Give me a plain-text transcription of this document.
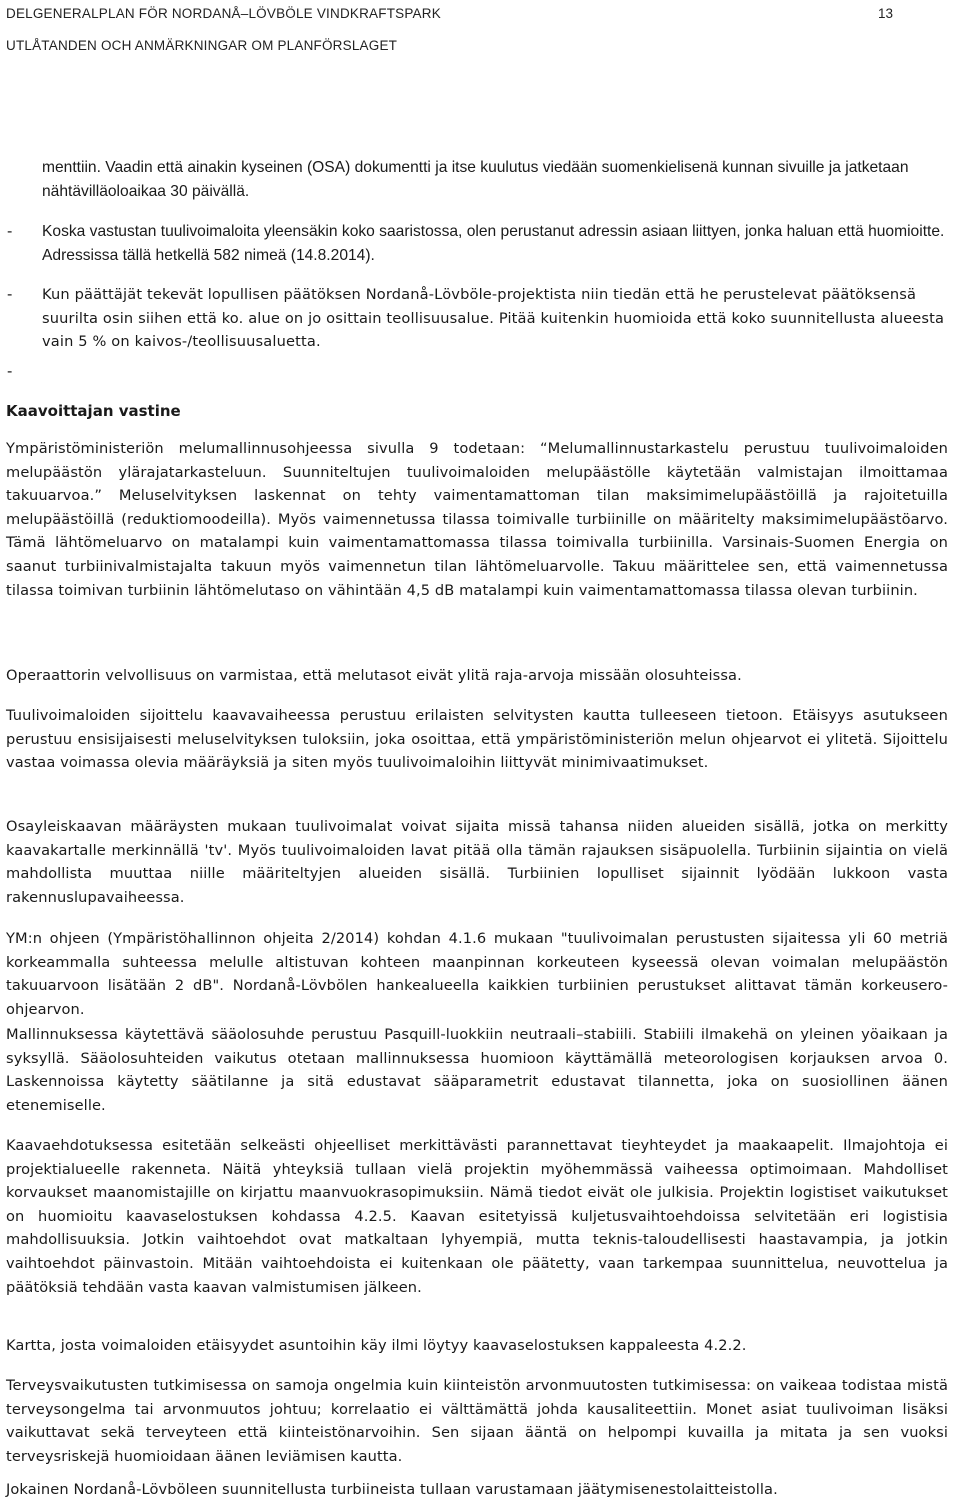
DELGENERALPLAN FÖR NORDANÅ–LÖVBÖLE VINDKRAFTSPARK	13
UTLÅTANDEN OCH ANMÄRKNINGAR OM PLANFÖRSLAGET
menttiin. Vaadin että ainakin kyseinen (OSA) dokumentti ja itse kuulutus viedään suomenkielisenä kunnan sivuille ja jatketaan nähtävilläoloaikaa 30 päivällä.
- Koska vastustan tuulivoimaloita yleensäkin koko saaristossa, olen perustanut adressin asiaan liittyen, jonka haluan että huomioitte. Adressissa tällä hetkellä 582 nimeä (14.8.2014).
- Kun päättäjät tekevät lopullisen päätöksen Nordanå-Lövböle-projektista niin tiedän että he perustelevat päätöksensä suurilta osin siihen että ko. alue on jo osittain teollisuusalue. Pitää kuitenkin huomioida että koko suunnitellusta alueesta vain 5 % on kaivos-/teollisuusaluetta.
-
Kaavoittajan vastine

Ympäristöministeriön melumallinnusohjeessa sivulla 9 todetaan: “Melumallinnustarkastelu perustuu tuulivoimaloiden melupäästön ylärajatarkasteluun. Suunniteltujen tuulivoimaloiden melupäästölle käytetään valmistajan ilmoittamaa takuuarvoa.” Meluselvityksen laskennat on tehty vaimentamattoman tilan maksimimelupäästöillä ja rajoitetuilla melupäästöillä (reduktiomoodeilla). Myös vaimennetussa tilassa toimivalle turbiinille on määritelty maksimimelupäästöarvo. Tämä lähtömeluarvo on matalampi kuin vaimentamattomassa tilassa toimivalla turbiinilla. Varsinais-Suomen Energia on saanut turbiinivalmistajalta takuun myös vaimennetun tilan lähtömeluarvolle. Takuu määrittelee sen, että vaimennetussa tilassa toimivan turbiinin lähtömelutaso on vähintään 4,5 dB matalampi kuin vaimentamattomassa tilassa olevan turbiinin.

Operaattorin velvollisuus on varmistaa, että melutasot eivät ylitä raja-arvoja missään olosuhteissa.

Tuulivoimaloiden sijoittelu kaavavaiheessa perustuu erilaisten selvitysten kautta tulleeseen tietoon. Etäisyys asutukseen perustuu ensisijaisesti meluselvityksen tuloksiin, joka osoittaa, että ympäristöministeriön melun ohjearvot ei ylitetä. Sijoittelu vastaa voimassa olevia määräyksiä ja siten myös tuulivoimaloihin liittyvät minimivaatimukset.

Osayleiskaavan määräysten mukaan tuulivoimalat voivat sijaita missä tahansa niiden alueiden sisällä, jotka on merkitty kaavakartalle merkinnällä 'tv'. Myös tuulivoimaloiden lavat pitää olla tämän rajauksen sisäpuolella. Turbiinin sijaintia on vielä mahdollista muuttaa niille määriteltyjen alueiden sisällä. Turbiinien lopulliset sijainnit lyödään lukkoon vasta rakennuslupavaiheessa.

YM:n ohjeen (Ympäristöhallinnon ohjeita 2/2014) kohdan 4.1.6 mukaan "tuulivoimalan perustusten sijaitessa yli 60 metriä korkeammalla suhteessa melulle altistuvan kohteen maanpinnan korkeuteen kyseessä olevan voimalan melupäästön takuuarvoon lisätään 2 dB". Nordanå-Lövbölen hankealueella kaikkien turbiinien perustukset alittavat tämän korkeusero-ohjearvon.

Mallinnuksessa käytettävä sääolosuhde perustuu Pasquill-luokkiin neutraali–stabiili. Stabiili ilmakehä on yleinen yöaikaan ja syksyllä. Sääolosuhteiden vaikutus otetaan mallinnuksessa huomioon käyttämällä meteorologisen korjauksen arvoa 0. Laskennoissa käytetty säätilanne ja sitä edustavat sääparametrit edustavat tilannetta, joka on suosiollinen äänen etenemiselle.

Kaavaehdotuksessa esitetään selkeästi ohjeelliset merkittävästi parannettavat tieyhteydet ja maakaapelit. Ilmajohtoja ei projektialueelle rakenneta. Näitä yhteyksiä tullaan vielä projektin myöhemmässä vaiheessa optimoimaan. Mahdolliset korvaukset maanomistajille on kirjattu maanvuokrasopimuksiin. Nämä tiedot eivät ole julkisia. Projektin logistiset vaikutukset on huomioitu kaavaselostuksen kohdassa 4.2.5. Kaavan esitetyissä kuljetusvaihtoehdoissa selvitetään eri logistisia mahdollisuuksia. Jotkin vaihtoehdot ovat matkaltaan lyhyempiä, mutta teknis-taloudellisesti haastavampia, ja jotkin vaihtoehdot päinvastoin. Mitään vaihtoehdoista ei kuitenkaan ole päätetty, vaan tarkempaa suunnittelua, neuvottelua ja päätöksiä tehdään vasta kaavan valmistumisen jälkeen.

Kartta, josta voimaloiden etäisyydet asuntoihin käy ilmi löytyy kaavaselostuksen kappaleesta 4.2.2.

Terveysvaikutusten tutkimisessa on samoja ongelmia kuin kiinteistön arvonmuutosten tutkimisessa: on vaikeaa todistaa mistä terveysongelma tai arvonmuutos johtuu; korrelaatio ei välttämättä johda kausaliteettiin. Monet asiat tuulivoiman lisäksi vaikuttavat sekä terveyteen että kiinteistönarvoihin. Sen sijaan ääntä on helpompi kuvailla ja mitata ja sen vuoksi terveysriskejä huomioidaan äänen leviämisen kautta.

Jokainen Nordanå-Lövböleen suunnitellusta turbiineista tullaan varustamaan jäätymisenestolaitteistolla.
